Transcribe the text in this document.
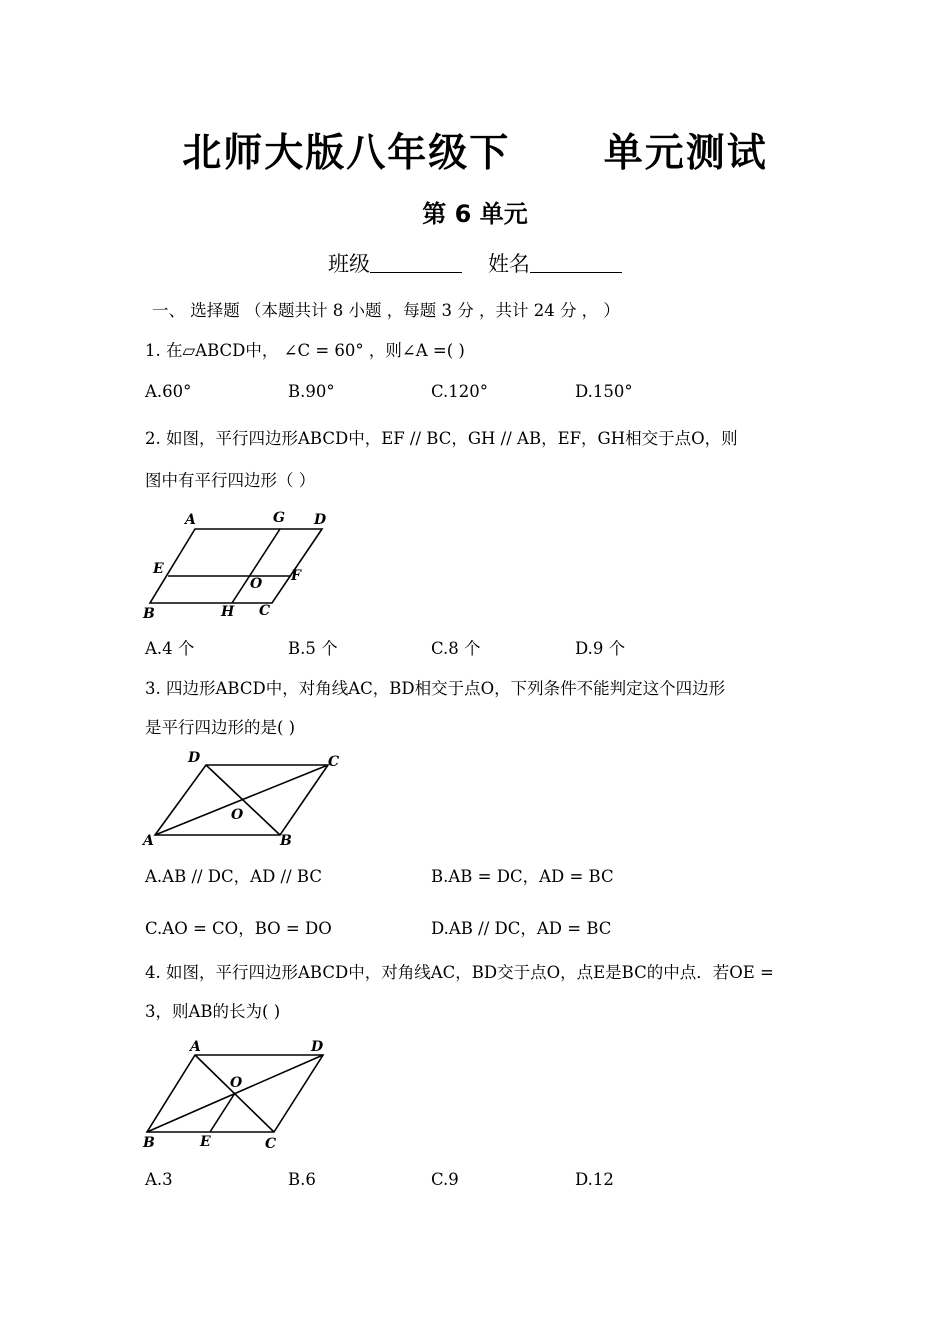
北师大版八年级下      单元测试
第 6 单元
班级	姓名
一、 选择题 （本题共计 8 小题 ，每题 3 分 ，共计 24 分 ， ）
1. 在▱ABCD中， ∠C = 60° ，则∠A =( )
A.60°	B.90°	C.120°	D.150°
2. 如图，平行四边形ABCD中，EF // BC，GH // AB，EF，GH相交于点O，则
图中有平行四边形（ ）
A	G D
E
O F
B	H C
A.4 个	B.5 个	C.8 个	D.9 个
3. 四边形ABCD中，对角线AC，BD相交于点O，下列条件不能判定这个四边形
是平行四边形的是( )
D	C
O
A	B
A.AB // DC，AD // BC	B.AB = DC，AD = BC
C.AO = CO，BO = DO	D.AB // DC，AD = BC
4. 如图，平行四边形ABCD中，对角线AC，BD交于点O，点E是BC的中点．若OE =
3，则AB的长为( )
A	D
O
B	E	C
A.3	B.6	C.9	D.12
